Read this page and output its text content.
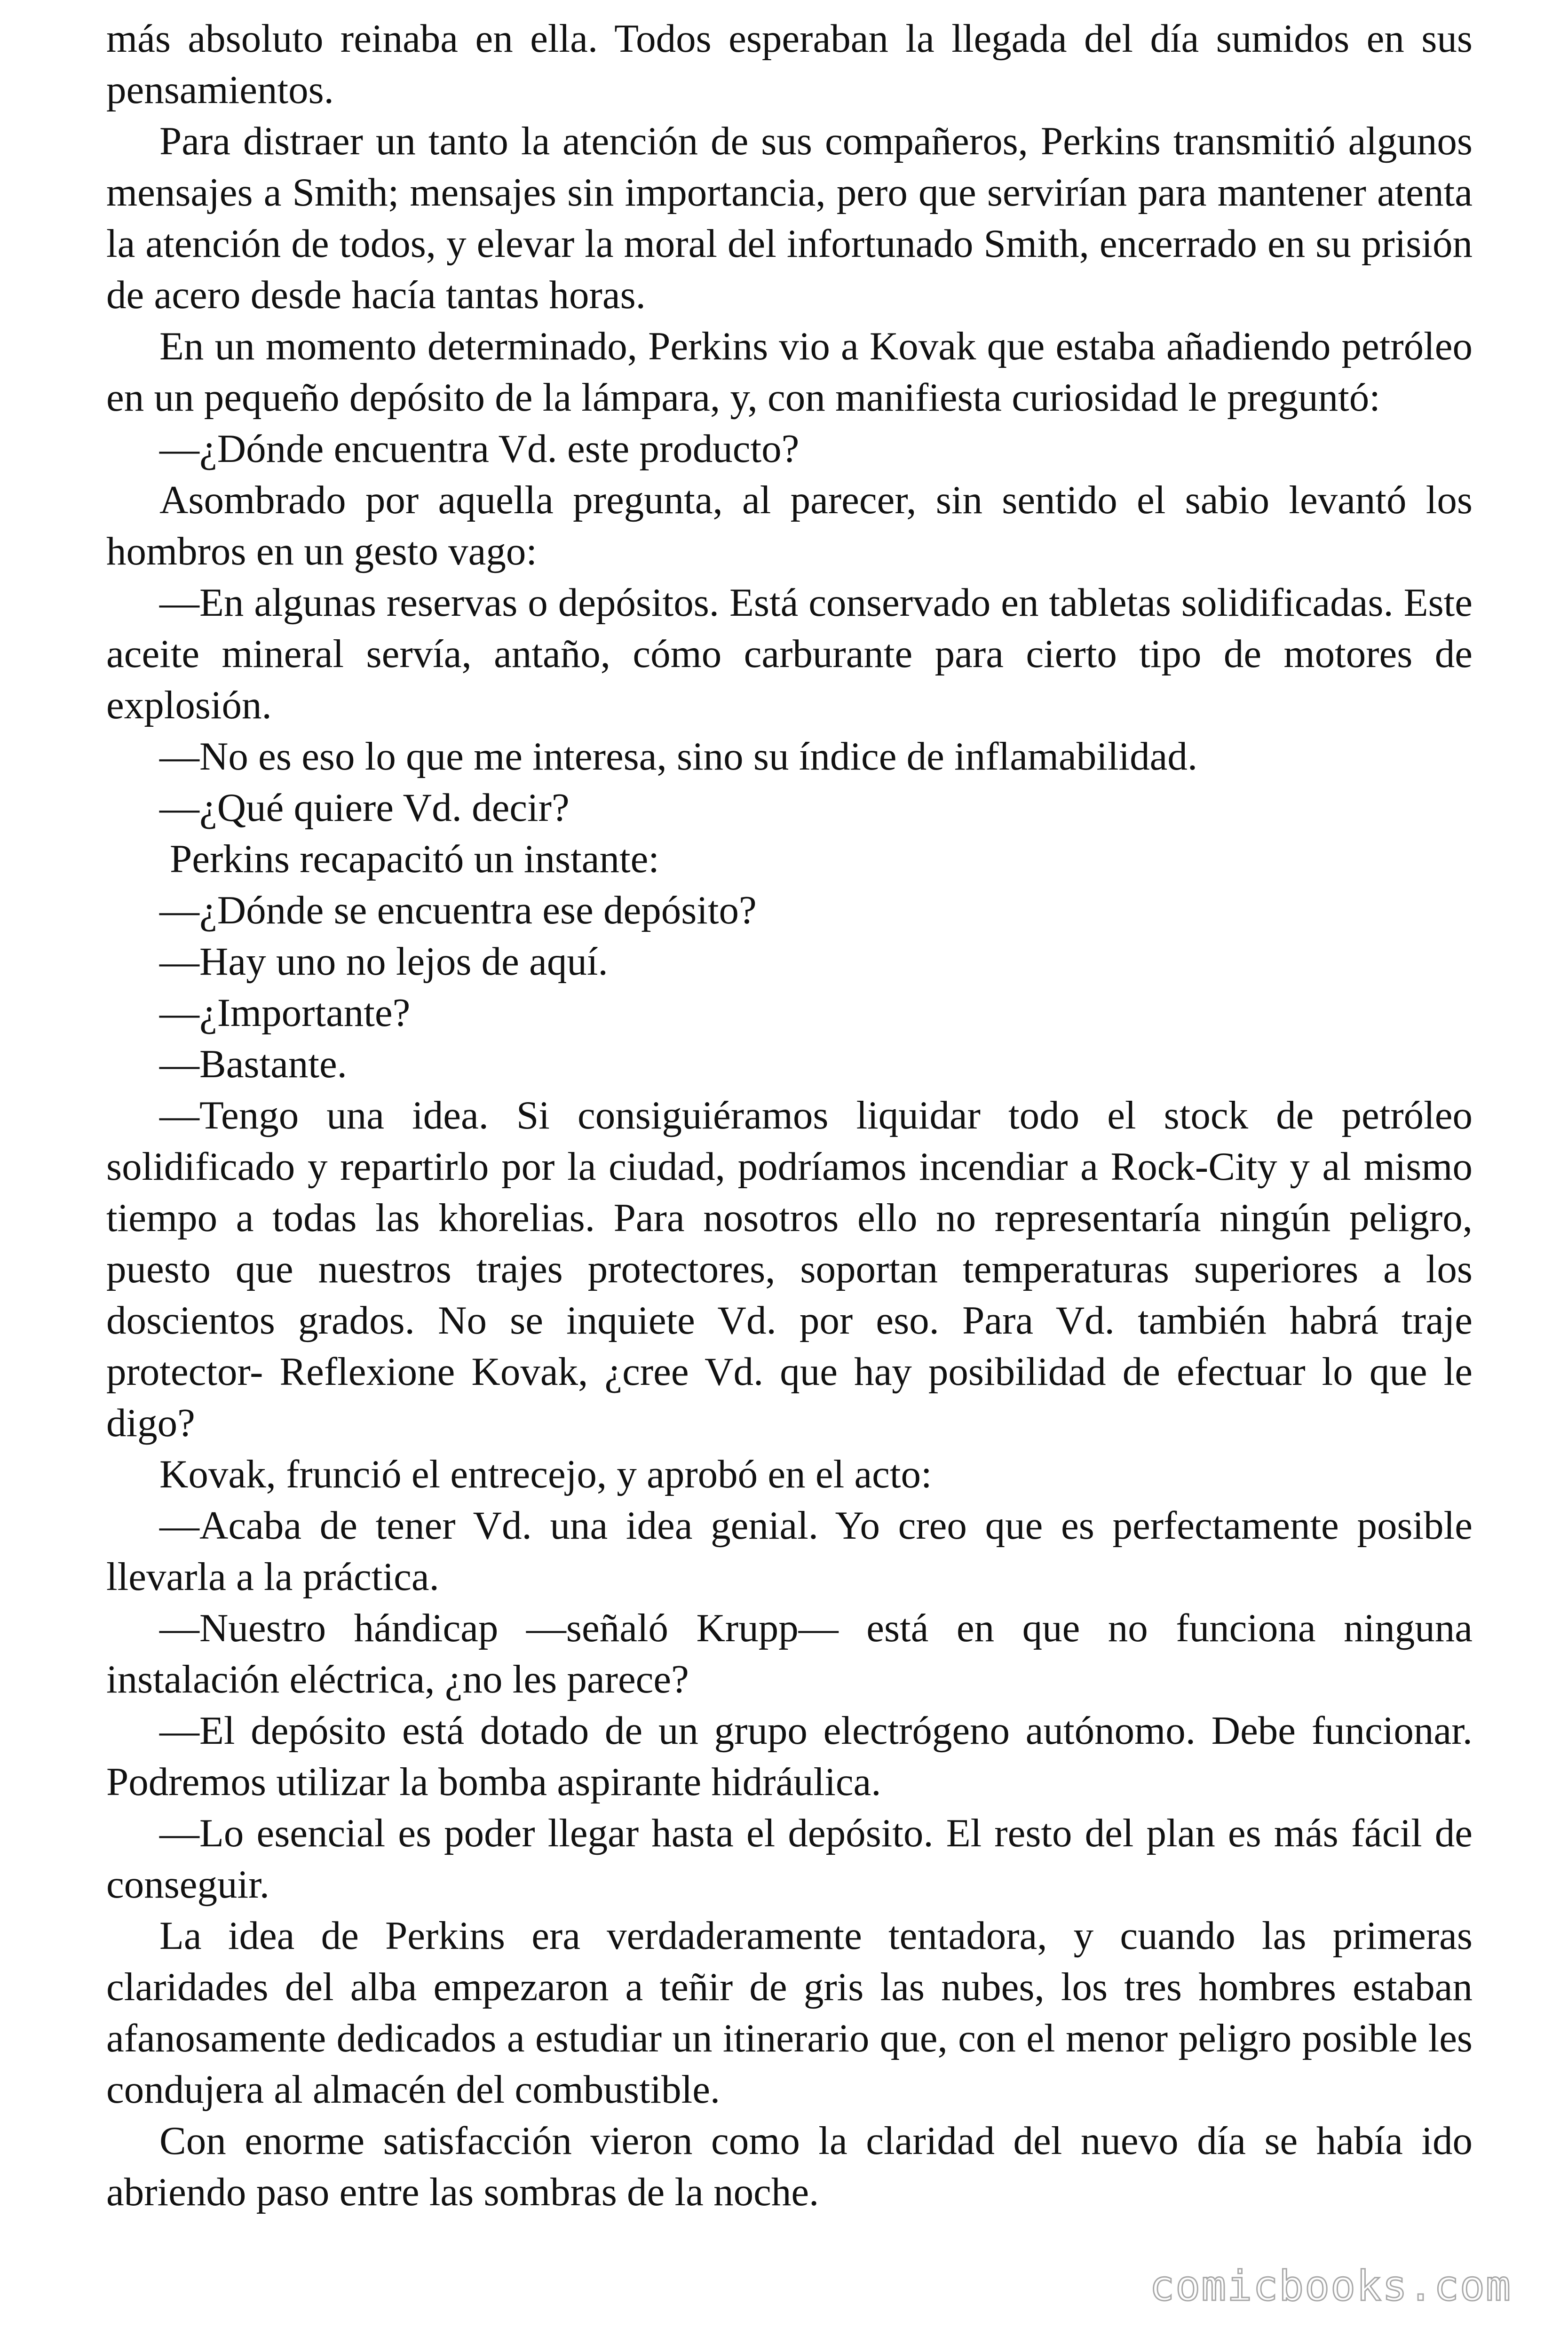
más absoluto reinaba en ella. Todos esperaban la llegada del día sumidos en sus pensamientos.

Para distraer un tanto la atención de sus compañeros, Perkins transmitió algunos mensajes a Smith; mensajes sin importancia, pero que servirían para mantener atenta la atención de todos, y elevar la moral del infortunado Smith, encerrado en su prisión de acero desde hacía tantas horas.

En un momento determinado, Perkins vio a Kovak que estaba añadiendo petróleo en un pequeño depósito de la lámpara, y, con manifiesta curiosidad le preguntó:

—¿Dónde encuentra Vd. este producto?

Asombrado por aquella pregunta, al parecer, sin sentido el sabio levantó los hombros en un gesto vago:

—En algunas reservas o depósitos. Está conservado en tabletas solidificadas. Este aceite mineral servía, antaño, cómo carburante para cierto tipo de motores de explosión.

—No es eso lo que me interesa, sino su índice de inflamabilidad.

—¿Qué quiere Vd. decir?

Perkins recapacitó un instante:

—¿Dónde se encuentra ese depósito?

—Hay uno no lejos de aquí.

—¿Importante?

—Bastante.

—Tengo una idea. Si consiguiéramos liquidar todo el stock de petróleo solidificado y repartirlo por la ciudad, podríamos incendiar a Rock-City y al mismo tiempo a todas las khorelias. Para nosotros ello no representaría ningún peligro, puesto que nuestros trajes protectores, soportan temperaturas superiores a los doscientos grados. No se inquiete Vd. por eso. Para Vd. también habrá traje protector- Reflexione Kovak, ¿cree Vd. que hay posibilidad de efectuar lo que le digo?

Kovak, frunció el entrecejo, y aprobó en el acto:

—Acaba de tener Vd. una idea genial. Yo creo que es perfectamente posible llevarla a la práctica.

—Nuestro hándicap —señaló Krupp— está en que no funciona ninguna instalación eléctrica, ¿no les parece?

—El depósito está dotado de un grupo electrógeno autónomo. Debe funcionar. Podremos utilizar la bomba aspirante hidráulica.

—Lo esencial es poder llegar hasta el depósito. El resto del plan es más fácil de conseguir.

La idea de Perkins era verdaderamente tentadora, y cuando las primeras claridades del alba empezaron a teñir de gris las nubes, los tres hombres estaban afanosamente dedicados a estudiar un itinerario que, con el menor peligro posible les condujera al almacén del combustible.

Con enorme satisfacción vieron como la claridad del nuevo día se había ido abriendo paso entre las sombras de la noche.

comicbooks.com
